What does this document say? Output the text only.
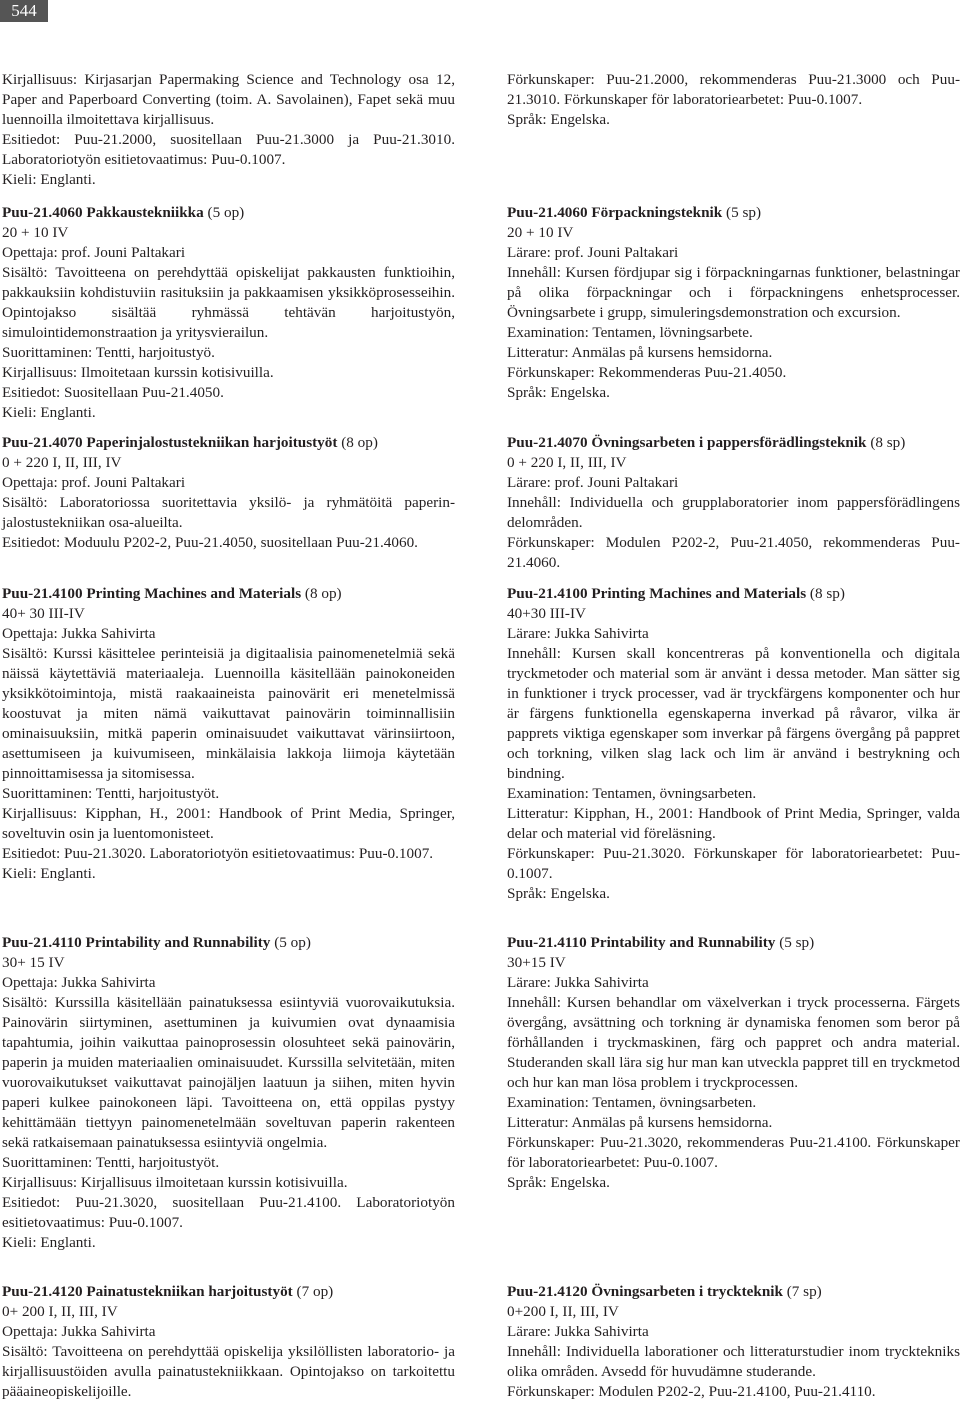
544
Kirjallisuus: Kirjasarjan Papermaking Science and Technology osa 12, Paper and Paperboard Converting (toim. A. Savolainen), Fapet sekä muu luennoilla ilmoitettava kirjallisuus.
Esitiedot: Puu-21.2000, suositellaan Puu-21.3000 ja Puu-21.3010. Laboratoriotyön esitietovaatimus: Puu-0.1007.
Kieli: Englanti.
Puu-21.4060 Pakkaustekniikka (5 op)
20 + 10 IV
Opettaja: prof. Jouni Paltakari
Sisältö: Tavoitteena on perehdyttää opiskelijat pakkausten funktioihin, pakkauksiin kohdistuviin rasituksiin ja pakkaamisen yksikköprosesseihin. Opintojakso sisältää ryhmässä tehtävän harjoitustyön, simulointidemonstraation ja yritysvierailun.
Suorittaminen: Tentti, harjoitustyö.
Kirjallisuus: Ilmoitetaan kurssin kotisivuilla.
Esitiedot: Suositellaan Puu-21.4050.
Kieli: Englanti.
Puu-21.4070 Paperinjalostustekniikan harjoitustyöt (8 op)
0 + 220 I, II, III, IV
Opettaja: prof. Jouni Paltakari
Sisältö: Laboratoriossa suoritettavia yksilö- ja ryhmätöitä paperinjalostustekniikan osa-alueilta.
Esitiedot: Moduulu P202-2, Puu-21.4050, suositellaan Puu-21.4060.
Puu-21.4100 Printing Machines and Materials (8 op)
40+ 30 III-IV
Opettaja: Jukka Sahivirta
Sisältö: Kurssi käsittelee perinteisiä ja digitaalisia painomenetelmiä sekä näissä käytettäviä materiaaleja. Luennoilla käsitellään painokoneiden yksikkötoimintoja, mistä raakaaineista painovärit eri menetelmissä koostuvat ja miten nämä vaikuttavat painovärin toiminnallisiin ominaisuuksiin, mitkä paperin ominaisuudet vaikuttavat värinsiirtoon, asettumiseen ja kuivumiseen, minkälaisia lakkoja liimoja käytetään pinnoittamisessa ja sitomisessa.
Suorittaminen: Tentti, harjoitustyöt.
Kirjallisuus: Kipphan, H., 2001: Handbook of Print Media, Springer, soveltuvin osin ja luentomonisteet.
Esitiedot: Puu-21.3020. Laboratoriotyön esitietovaatimus: Puu-0.1007.
Kieli: Englanti.
Puu-21.4110 Printability and Runnability (5 op)
30+ 15 IV
Opettaja: Jukka Sahivirta
Sisältö: Kurssilla käsitellään painatuksessa esiintyviä vuorovaikutuksia. Painovärin siirtyminen, asettuminen ja kuivumien ovat dynaamisia tapahtumia, joihin vaikuttaa painoprosessin olosuhteet sekä painovärin, paperin ja muiden materiaalien ominaisuudet. Kurssilla selvitetään, miten vuorovaikutukset vaikuttavat painojäljen laatuun ja siihen, miten hyvin paperi kulkee painokoneen läpi. Tavoitteena on, että oppilas pystyy kehittämään tiettyyn painomenetelmään soveltuvan paperin rakenteen sekä ratkaisemaan painatuksessa esiintyviä ongelmia.
Suorittaminen: Tentti, harjoitustyöt.
Kirjallisuus: Kirjallisuus ilmoitetaan kurssin kotisivuilla.
Esitiedot: Puu-21.3020, suositellaan Puu-21.4100. Laboratoriotyön esitietovaatimus: Puu-0.1007.
Kieli: Englanti.
Puu-21.4120 Painatustekniikan harjoitustyöt (7 op)
0+ 200 I, II, III, IV
Opettaja: Jukka Sahivirta
Sisältö: Tavoitteena on perehdyttää opiskelija yksilöllisten laboratorio- ja kirjallisuustöiden avulla painatustekniikkaan. Opintojakso on tarkoitettu pääaineopiskelijoille.
Förkunskaper: Puu-21.2000, rekommenderas Puu-21.3000 och Puu-21.3010. Förkunskaper för laboratoriearbetet: Puu-0.1007.
Språk: Engelska.
Puu-21.4060 Förpackningsteknik (5 sp)
20 + 10 IV
Lärare: prof. Jouni Paltakari
Innehåll: Kursen fördjupar sig i förpackningarnas funktioner, belastningar på olika förpackningar och i förpackningens enhetsprocesser. Övningsarbete i grupp, simuleringsdemonstration och excursion.
Examination: Tentamen, lövningsarbete.
Litteratur: Anmälas på kursens hemsidorna.
Förkunskaper: Rekommenderas Puu-21.4050.
Språk: Engelska.
Puu-21.4070 Övningsarbeten i pappersförädlingsteknik (8 sp)
0 + 220 I, II, III, IV
Lärare: prof. Jouni Paltakari
Innehåll: Individuella och grupplaboratorier inom pappersförädlingens delområden.
Förkunskaper: Modulen P202-2, Puu-21.4050, rekommenderas Puu-21.4060.
Puu-21.4100 Printing Machines and Materials (8 sp)
40+30 III-IV
Lärare: Jukka Sahivirta
Innehåll: Kursen skall koncentreras på konventionella och digitala tryckmetoder och material som är använt i dessa metoder. Man sätter sig in funktioner i tryck processer, vad är tryckfärgens komponenter och hur är färgens funktionella egenskaperna inverkad på råvaror, vilka är papprets viktiga egenskaper som inverkar på färgens övergång på pappret och torkning, vilken slag lack och lim är använd i bestrykning och bindning.
Examination: Tentamen, övningsarbeten.
Litteratur: Kipphan, H., 2001: Handbook of Print Media, Springer, valda delar och material vid föreläsning.
Förkunskaper: Puu-21.3020. Förkunskaper för laboratoriearbetet: Puu-0.1007.
Språk: Engelska.
Puu-21.4110 Printability and Runnability (5 sp)
30+15 IV
Lärare: Jukka Sahivirta
Innehåll: Kursen behandlar om växelverkan i tryck processerna. Färgets övergång, avsättning och torkning är dynamiska fenomen som beror på förhållanden i tryckmaskinen, färg och pappret och andra material. Studeranden skall lära sig hur man kan utveckla pappret till en tryckmetod och hur kan man lösa problem i tryckprocessen.
Examination: Tentamen, övningsarbeten.
Litteratur: Anmälas på kursens hemsidorna.
Förkunskaper: Puu-21.3020, rekommenderas Puu-21.4100. Förkunskaper för laboratoriearbetet: Puu-0.1007.
Språk: Engelska.
Puu-21.4120 Övningsarbeten i tryckteknik (7 sp)
0+200 I, II, III, IV
Lärare: Jukka Sahivirta
Innehåll: Individuella laborationer och litteraturstudier inom trycktekniks olika områden. Avsedd för huvudämne studerande.
Förkunskaper: Modulen P202-2, Puu-21.4100, Puu-21.4110.
